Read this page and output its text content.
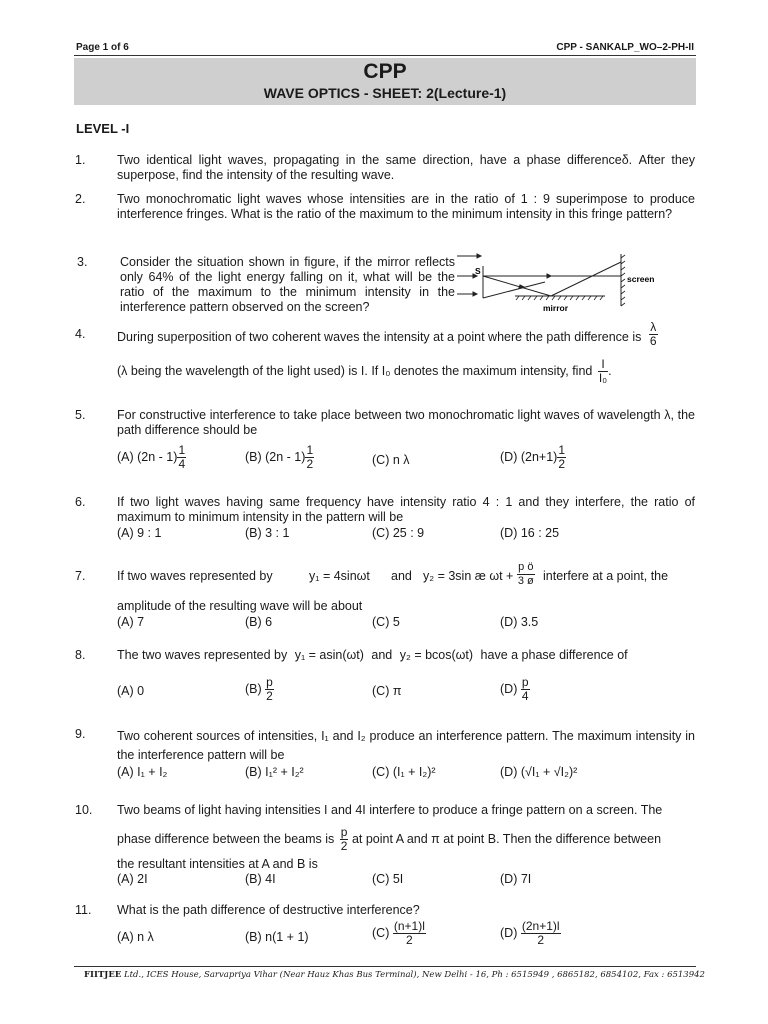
Page 1 of 6	CPP - SANKALP_WO–2-PH-II
CPP
WAVE OPTICS - SHEET: 2(Lecture-1)
LEVEL -I
1.	Two identical light waves, propagating in the same direction, have a phase differenceδ. After they superpose, find the intensity of the resulting wave.
2.	Two monochromatic light waves whose intensities are in the ratio of 1 : 9 superimpose to produce interference fringes. What is the ratio of the maximum to the minimum intensity in this fringe pattern?
3.	Consider the situation shown in figure, if the mirror reflects only 64% of the light energy falling on it, what will be the ratio of the maximum to the minimum intensity in the interference pattern observed on the screen?
S
screen
mirror
4.	During superposition of two coherent waves the intensity at a point where the path difference is $\frac{\lambda}{6}$
(λ being the wavelength of the light used) is I. If I₀ denotes the maximum intensity, find $\frac{I}{\text{I₀}}$ .
5.	For constructive interference to take place between two monochromatic light waves of wavelength λ, the path difference should be
(A) $(2n - 1) \frac{1}{4}$	(B) $(2n - 1) \frac{1}{2}$	(C) n λ	(D) $(2n+1) \frac{1}{2}$
6.	If two light waves having same frequency have intensity ratio 4 : 1 and they interfere, the ratio of maximum to minimum intensity in the pattern will be
(A) 9 : 1	(B) 3 : 1	(C) 25 : 9	(D) 16 : 25
7.	If two waves represented by	y₁ = 4sinωt and y₂ = 3sin æ $\omega t + \frac{\text{p ö}}{3 ø}$ interfere at a point, the
amplitude of the resulting wave will be about
(A) 7	(B) 6	(C) 5	(D) 3.5
8.	The two waves represented by y₁ = asin(ωt) and y₂ = bcos(ωt) have a phase difference of
(A) 0	$(B) \frac{p}{2}$	(C) π	$(D) \frac{p}{4}$
9.	Two coherent sources of intensities, I₁ and I₂ produce an interference pattern. The maximum intensity in the interference pattern will be
(A) I₁ + I₂	(B) I₁² + I₂²	(C) (I₁ + I₂)²	(D) (√I₁ + √I₂)²
10. Two beams of light having intensities I and 4I interfere to produce a fringe pattern on a screen. The
phase difference between the beams is $\frac{p}{2}$ at point A and π at point B. Then the difference between
the resultant intensities at A and B is
(A) 2I	(B) 4I	(C) 5I	(D) 7I
11. What is the path difference of destructive interference?
(A) n λ	(B) n(1 + 1)	$(C) \frac{(n+1)l}{2}$	$(D) \frac{(2n+1)l}{2}$
FIITJEE Ltd., ICES House, Sarvapriya Vihar (Near Hauz Khas Bus Terminal), New Delhi - 16, Ph : 6515949 , 6865182, 6854102, Fax : 6513942
